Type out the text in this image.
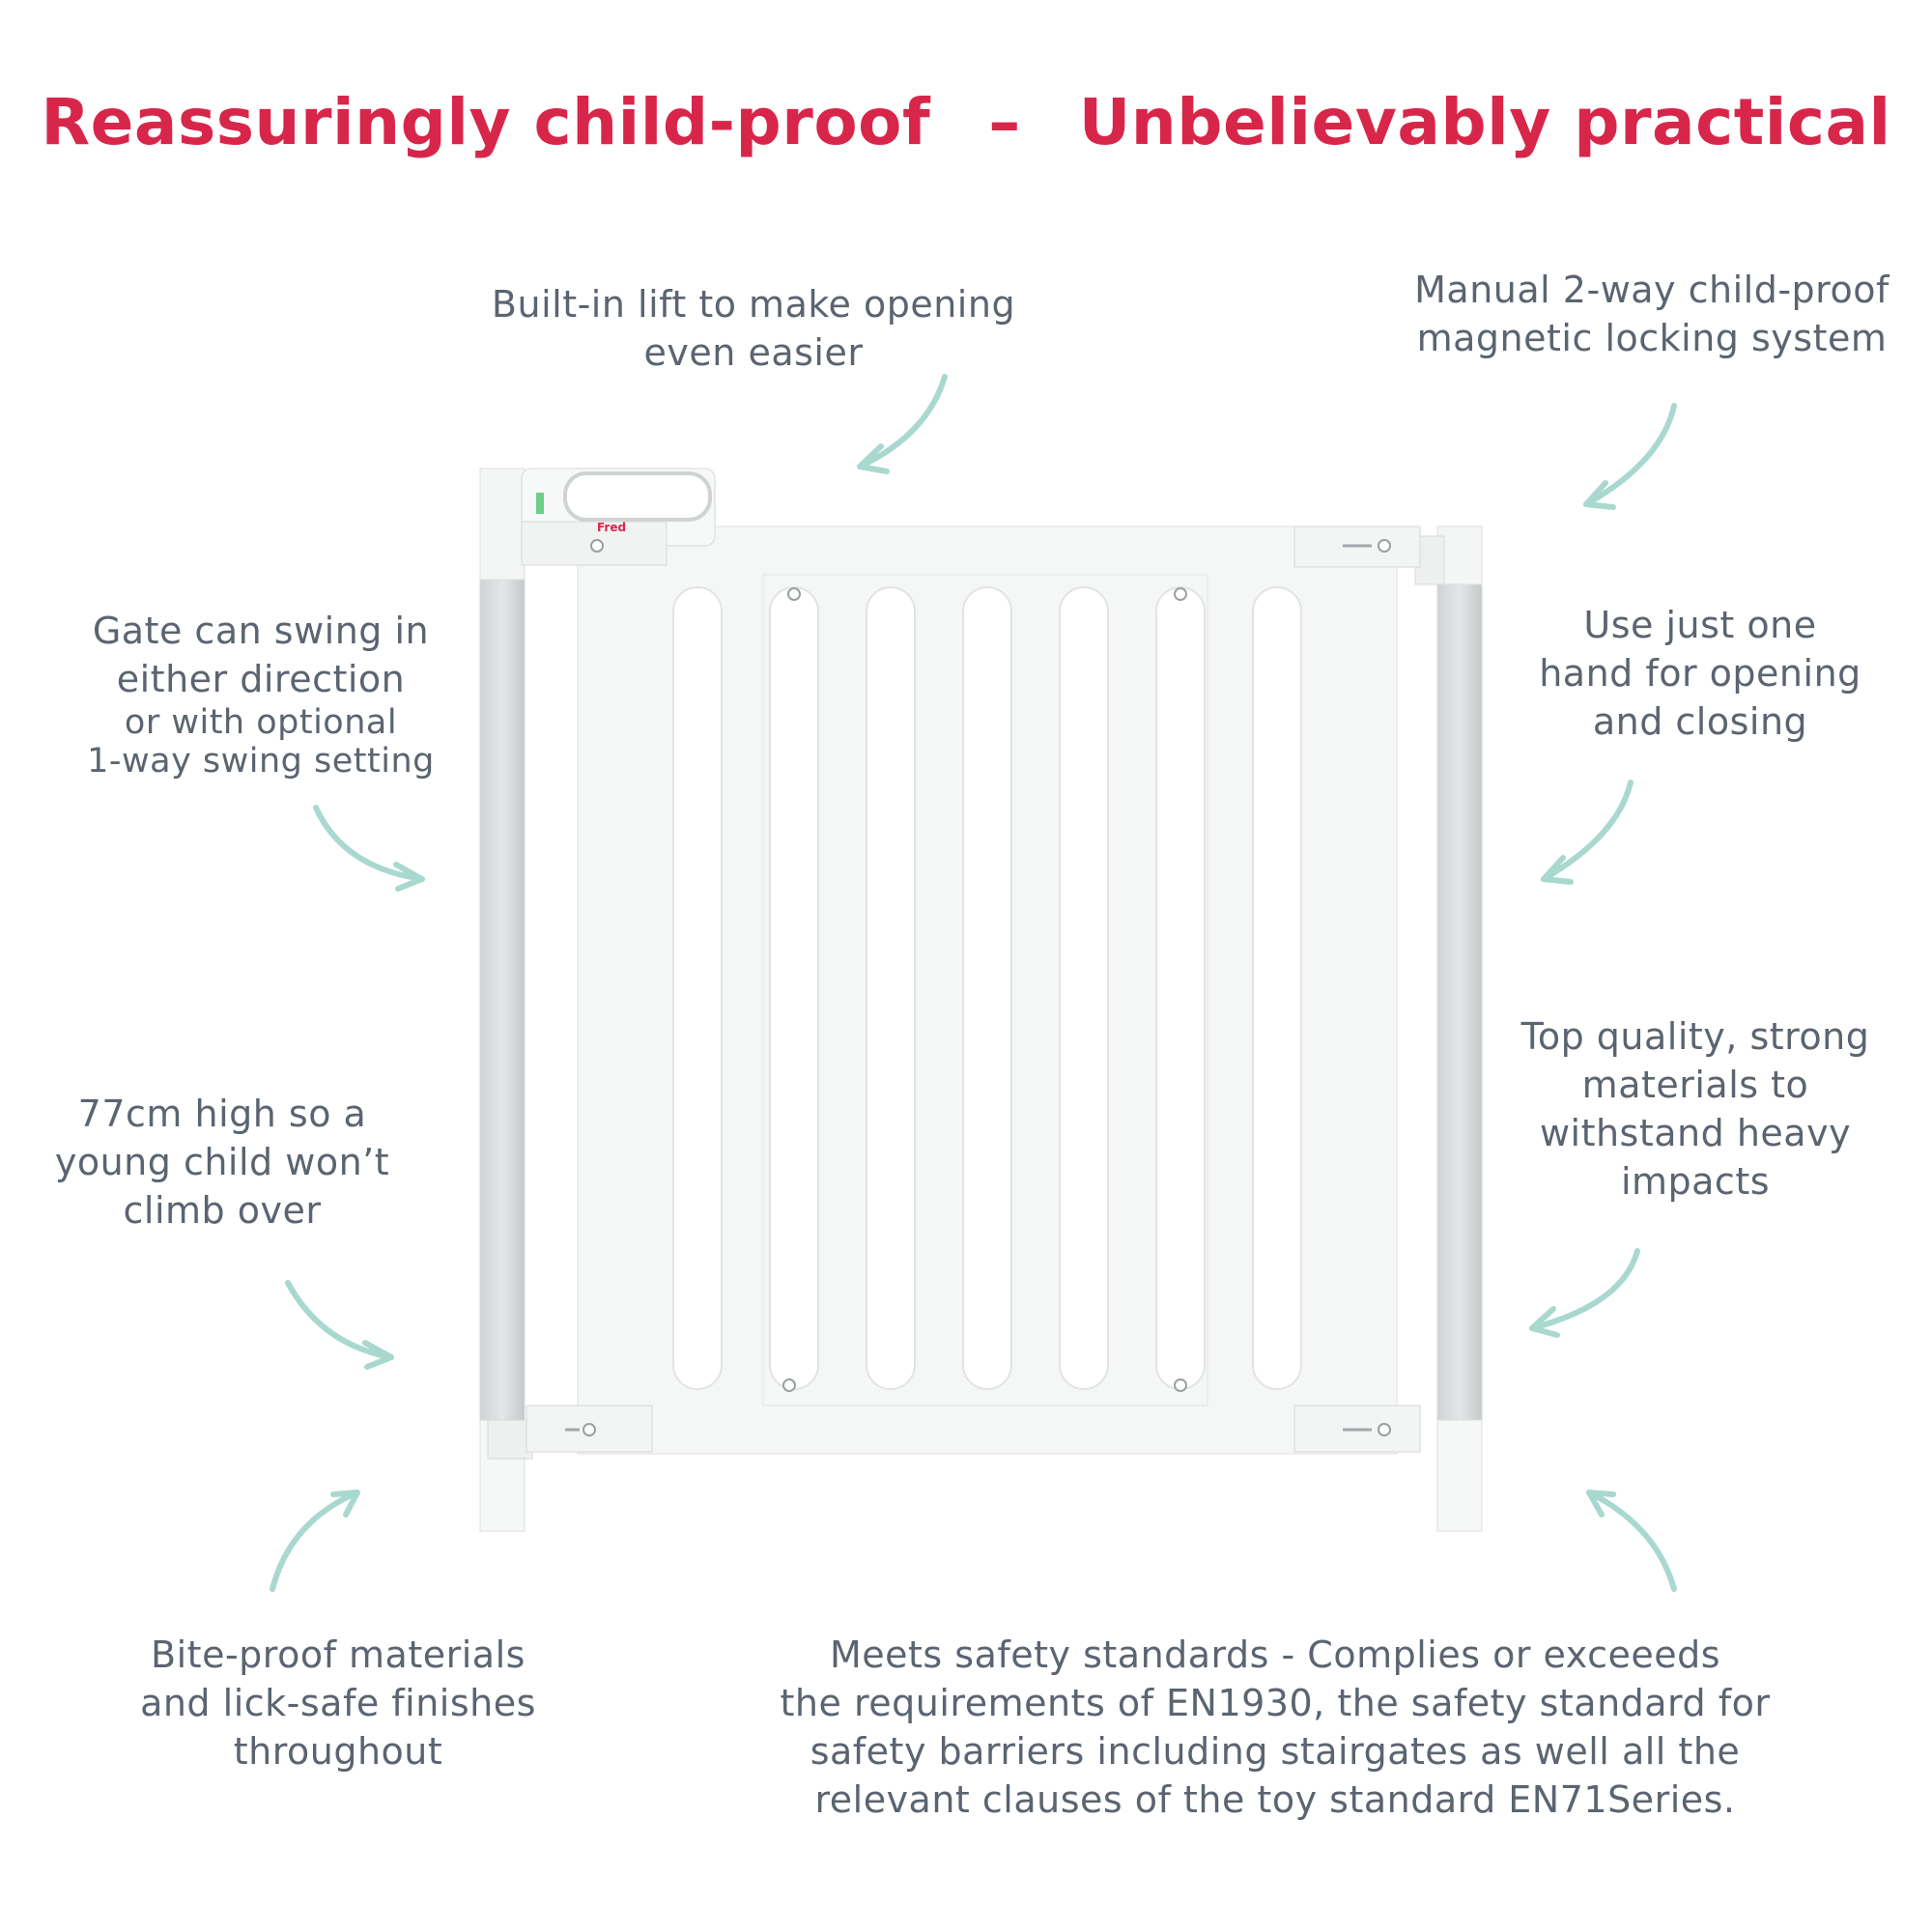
Reassuringly child-proof – Unbelievably practical
Fred
Built-in lift to make opening
even easier
Manual 2-way child-proof
magnetic locking system
Gate can swing in
either direction
or with optional
1-way swing setting
Use just one
hand for opening
and closing
77cm high so a
young child won’t
climb over
Top quality, strong
materials to
withstand heavy
impacts
Bite-proof materials
and lick-safe finishes
throughout
Meets safety standards - Complies or exceeeds
the requirements of EN1930, the safety standard for
safety barriers including stairgates as well all the
relevant clauses of the toy standard EN71Series.
